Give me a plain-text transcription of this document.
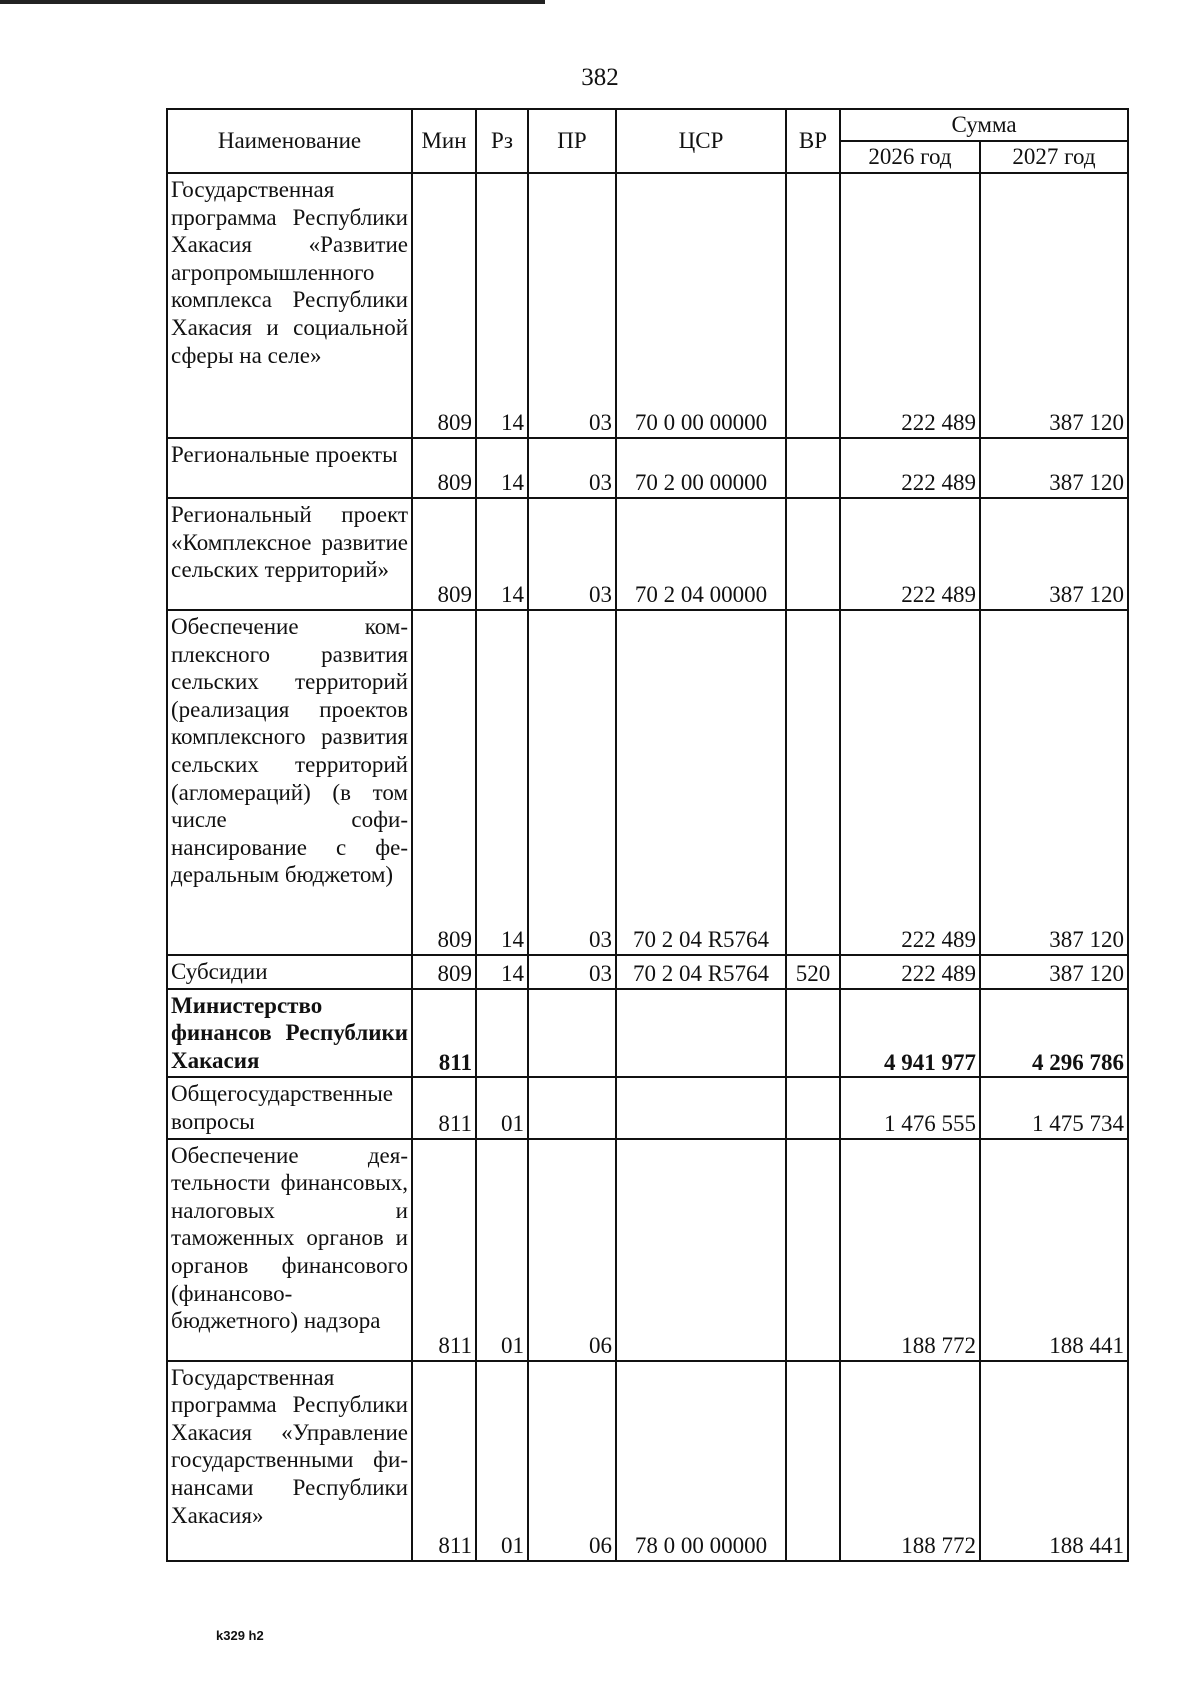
382
Наименование	Мин	Рз	ПР	ЦСР	ВР	Сумма	
						2026 год	2027 год
Государственная программа Республики Хакасия «Развитие агропромышленного комплекса Республики Хакасия и социальной сферы на селе»	809	14	03	70 0 00 00000		222 489	387 120
Региональные проекты	809	14	03	70 2 00 00000		222 489	387 120
Региональный проект «Комплексное развитие сельских территорий»	809	14	03	70 2 04 00000		222 489	387 120
Обеспечение комплексного развития сельских территорий (реализация проектов комплексного развития сельских территорий (агломераций) (в том числе софинансирование с федеральным бюджетом)	809	14	03	70 2 04 R5764		222 489	387 120
Субсидии	809	14	03	70 2 04 R5764	520	222 489	387 120
Министерство финансов Республики Хакасия	811					4 941 977	4 296 786
Общегосударственные вопросы	811	01				1 476 555	1 475 734
Обеспечение деятельности финансовых, налоговых и таможенных органов и органов финансового (финансово-бюджетного) надзора	811	01	06			188 772	188 441
Государственная программа Республики Хакасия «Управление государственными финансами Республики Хакасия»	811	01	06	78 0 00 00000		188 772	188 441
k329 h2
